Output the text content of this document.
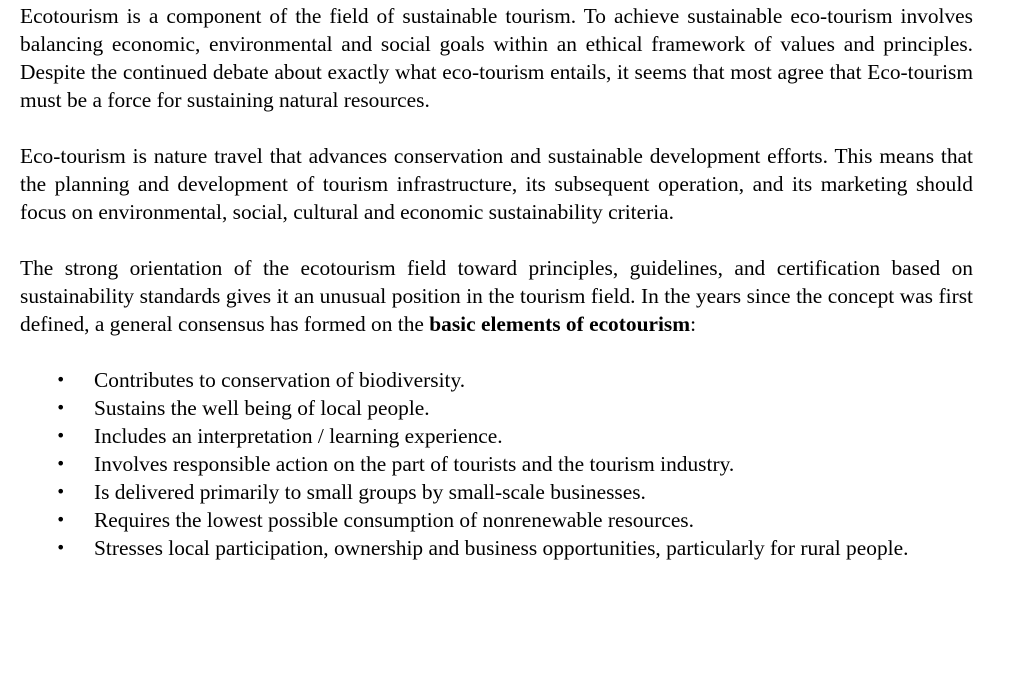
Ecotourism is a component of the field of sustainable tourism. To achieve sustainable eco-tourism involves balancing economic, environmental and social goals within an ethical framework of values and principles. Despite the continued debate about exactly what eco-tourism entails, it seems that most agree that Eco-tourism must be a force for sustaining natural resources.

Eco-tourism is nature travel that advances conservation and sustainable development efforts. This means that the planning and development of tourism infrastructure, its subsequent operation, and its marketing should focus on environmental, social, cultural and economic sustainability criteria.

The strong orientation of the ecotourism field toward principles, guidelines, and certification based on sustainability standards gives it an unusual position in the tourism field. In the years since the concept was first defined, a general consensus has formed on the basic elements of ecotourism:

•	Contributes to conservation of biodiversity.
•	Sustains the well being of local people.
•	Includes an interpretation / learning experience.
•	Involves responsible action on the part of tourists and the tourism industry.
•	Is delivered primarily to small groups by small-scale businesses.
•	Requires the lowest possible consumption of nonrenewable resources.
•	Stresses local participation, ownership and business opportunities, particularly for rural people.
